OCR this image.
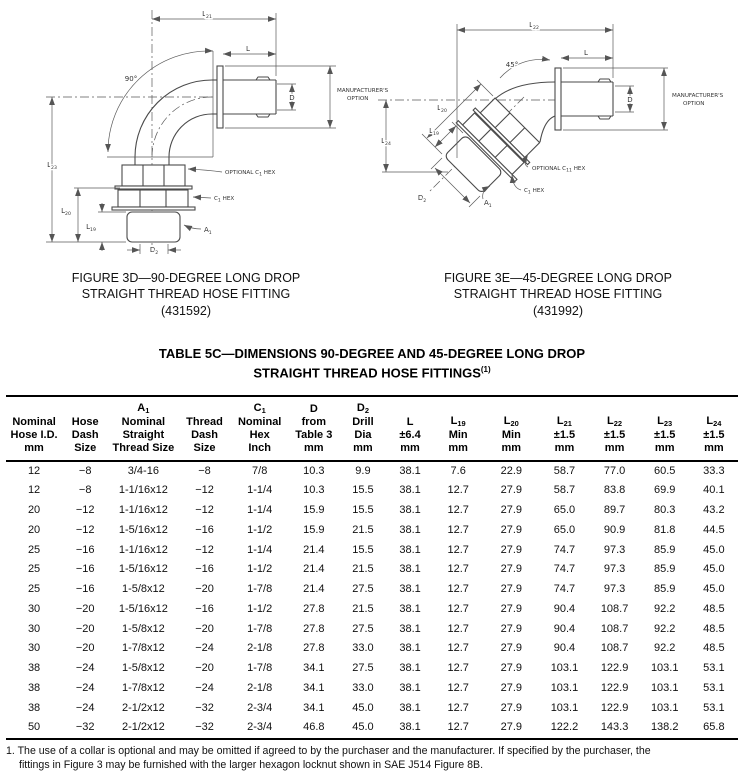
$L_{21}$
L
90°
D
MANUFACTURER'S
OPTION
$L_{23}$
$L_{20}$
$L_{19}$
$D_2$
OPTIONAL $C_1$ HEX
$C_1$ HEX
$A_1$
FIGURE 3D—90-DEGREE LONG DROP
STRAIGHT THREAD HOSE FITTING
(431592)
$L_{22}$
L
45°
D	MANUFACTURER'S
OPTION
$L_{24}$
$L_{20}$
$L_{19}$
$D_2$
OPTIONAL $C_{11}$ HEX
$C_1$ HEX
$A_1$
FIGURE 3E—45-DEGREE LONG DROP
STRAIGHT THREAD HOSE FITTING
(431992)
TABLE 5C—DIMENSIONS 90-DEGREE AND 45-DEGREE LONG DROP
STRAIGHT THREAD HOSE FITTINGS$^{(1)}$
Nominal
Hose I.D.
mm

Hose
Dash
Size

$A_1$
Nominal
Straight
Thread Size

Thread
Dash
Size

$C_1$
Nominal
Hex
Inch

D
from
Table 3
mm

$D_2$
Drill
Dia
mm

L
±6.4
mm

$L_{19}$
Min
mm

$L_{20}$
Min
mm

$L_{21}$
±1.5
mm

$L_{22}$
±1.5
mm

$L_{23}$
±1.5
mm

$L_{24}$
±1.5
mm

12	−8	3/4-16	−8	7/8	10.3	9.9	38.1	7.6	22.9	58.7	77.0	60.5	33.3
12	−8	1-1/16x12	−12	1-1/4	10.3	15.5	38.1	12.7	27.9	58.7	83.8	69.9	40.1
20	−12	1-1/16x12	−12	1-1/4	15.9	15.5	38.1	12.7	27.9	65.0	89.7	80.3	43.2
20	−12	1-5/16x12	−16	1-1/2	15.9	21.5	38.1	12.7	27.9	65.0	90.9	81.8	44.5
25	−16	1-1/16x12	−12	1-1/4	21.4	15.5	38.1	12.7	27.9	74.7	97.3	85.9	45.0
25	−16	1-5/16x12	−16	1-1/2	21.4	21.5	38.1	12.7	27.9	74.7	97.3	85.9	45.0
25	−16	1-5/8x12	−20	1-7/8	21.4	27.5	38.1	12.7	27.9	74.7	97.3	85.9	45.0
30	−20	1-5/16x12	−16	1-1/2	27.8	21.5	38.1	12.7	27.9	90.4	108.7	92.2	48.5
30	−20	1-5/8x12	−20	1-7/8	27.8	27.5	38.1	12.7	27.9	90.4	108.7	92.2	48.5
30	−20	1-7/8x12	−24	2-1/8	27.8	33.0	38.1	12.7	27.9	90.4	108.7	92.2	48.5
38	−24	1-5/8x12	−20	1-7/8	34.1	27.5	38.1	12.7	27.9	103.1	122.9	103.1	53.1
38	−24	1-7/8x12	−24	2-1/8	34.1	33.0	38.1	12.7	27.9	103.1	122.9	103.1	53.1
38	−24	2-1/2x12	−32	2-3/4	34.1	45.0	38.1	12.7	27.9	103.1	122.9	103.1	53.1
50	−32	2-1/2x12	−32	2-3/4	46.8	45.0	38.1	12.7	27.9	122.2	143.3	138.2	65.8
1. The use of a collar is optional and may be omitted if agreed to by the purchaser and the manufacturer. If specified by the purchaser, the
fittings in Figure 3 may be furnished with the larger hexagon locknut shown in SAE J514 Figure 8B.
